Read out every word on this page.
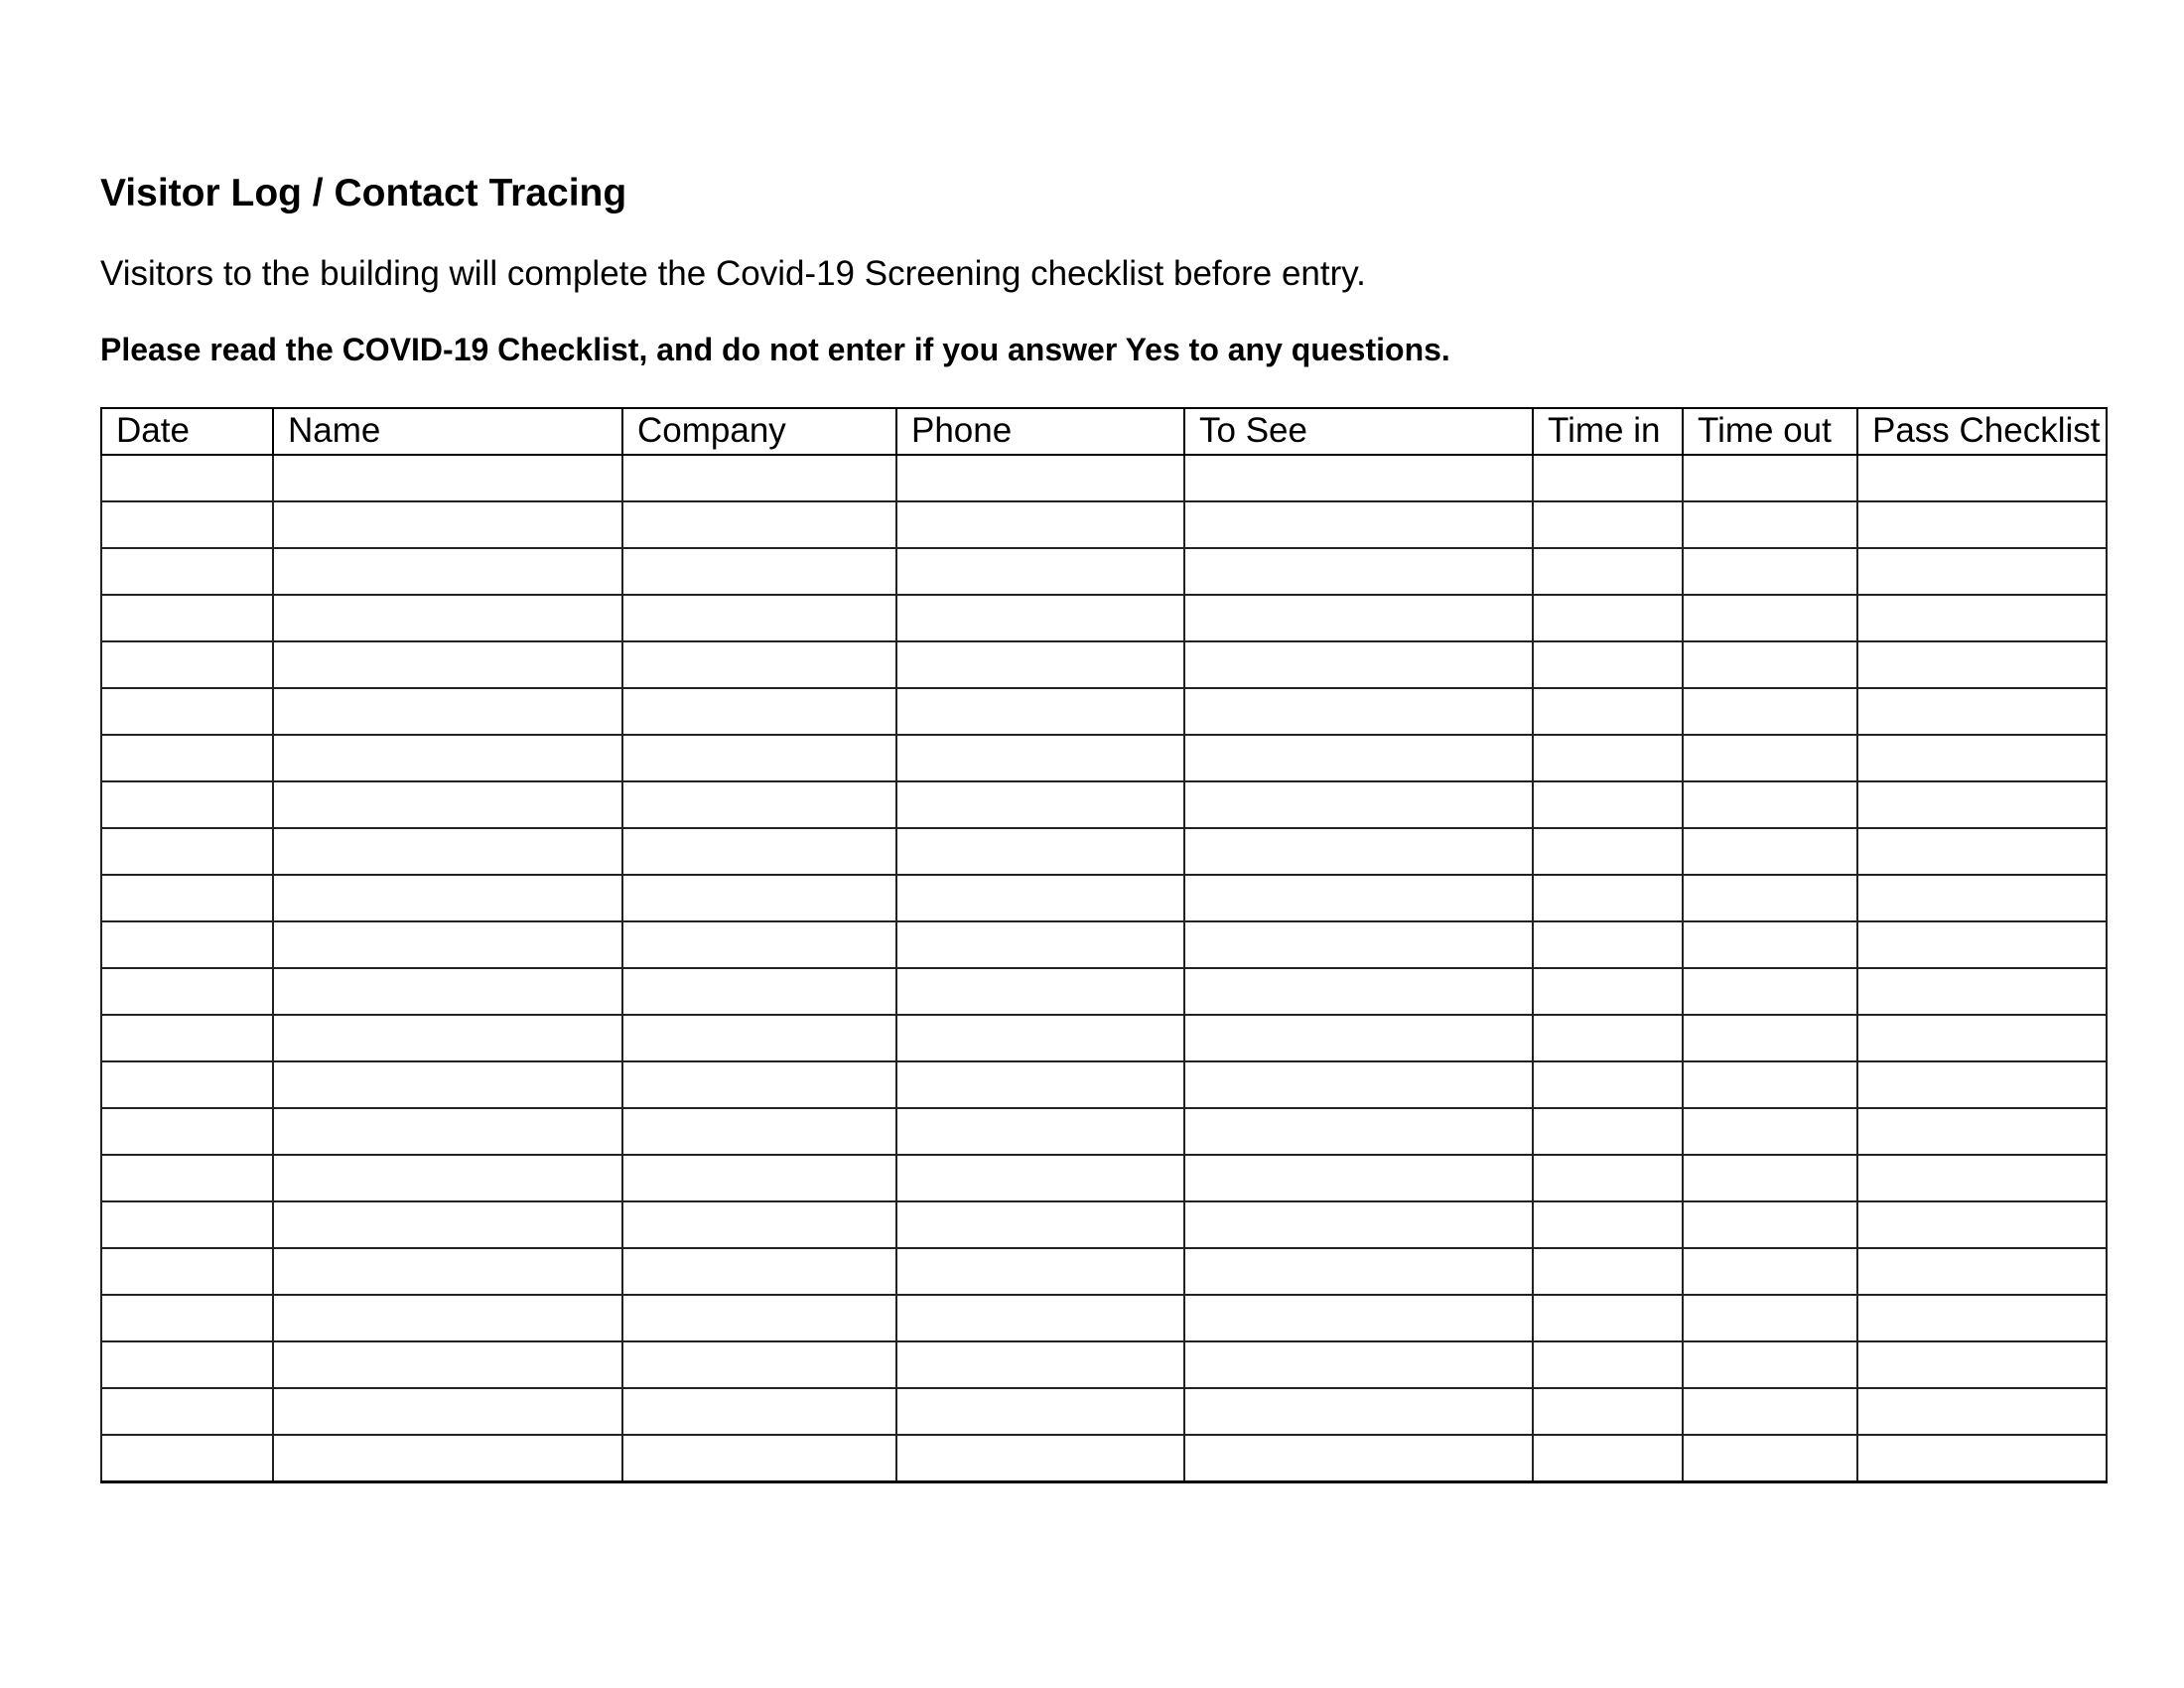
Visitor Log / Contact Tracing

Visitors to the building will complete the Covid-19 Screening checklist before entry.

Please read the COVID-19 Checklist, and do not enter if you answer Yes to any questions.

Date	Name	Company	Phone	To See	Time in	Time out	Pass Checklist
